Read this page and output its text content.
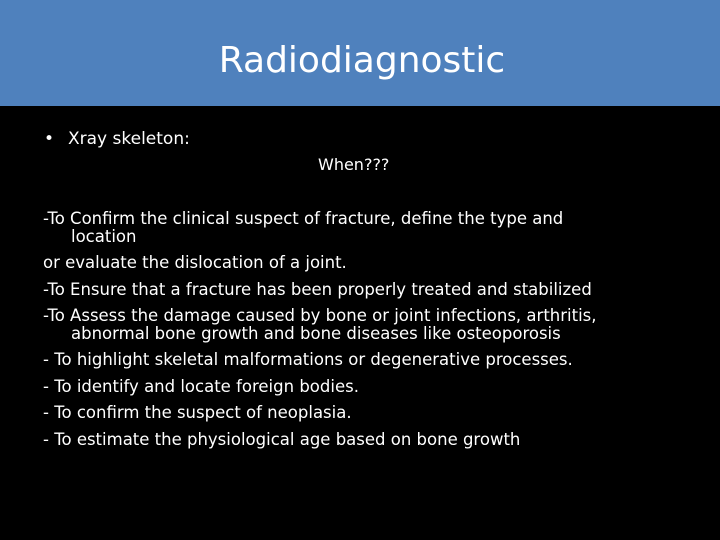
Radiodiagnostic
• Xray skeleton:
When???
-To Confirm the clinical suspect of fracture, define the type and
location
or evaluate the dislocation of a joint.
-To Ensure that a fracture has been properly treated and stabilized
-To Assess the damage caused by bone or joint infections, arthritis,
abnormal bone growth and bone diseases like osteoporosis
- To highlight skeletal malformations or degenerative processes.
- To identify and locate foreign bodies.
- To confirm the suspect of neoplasia.
- To estimate the physiological age based on bone growth
